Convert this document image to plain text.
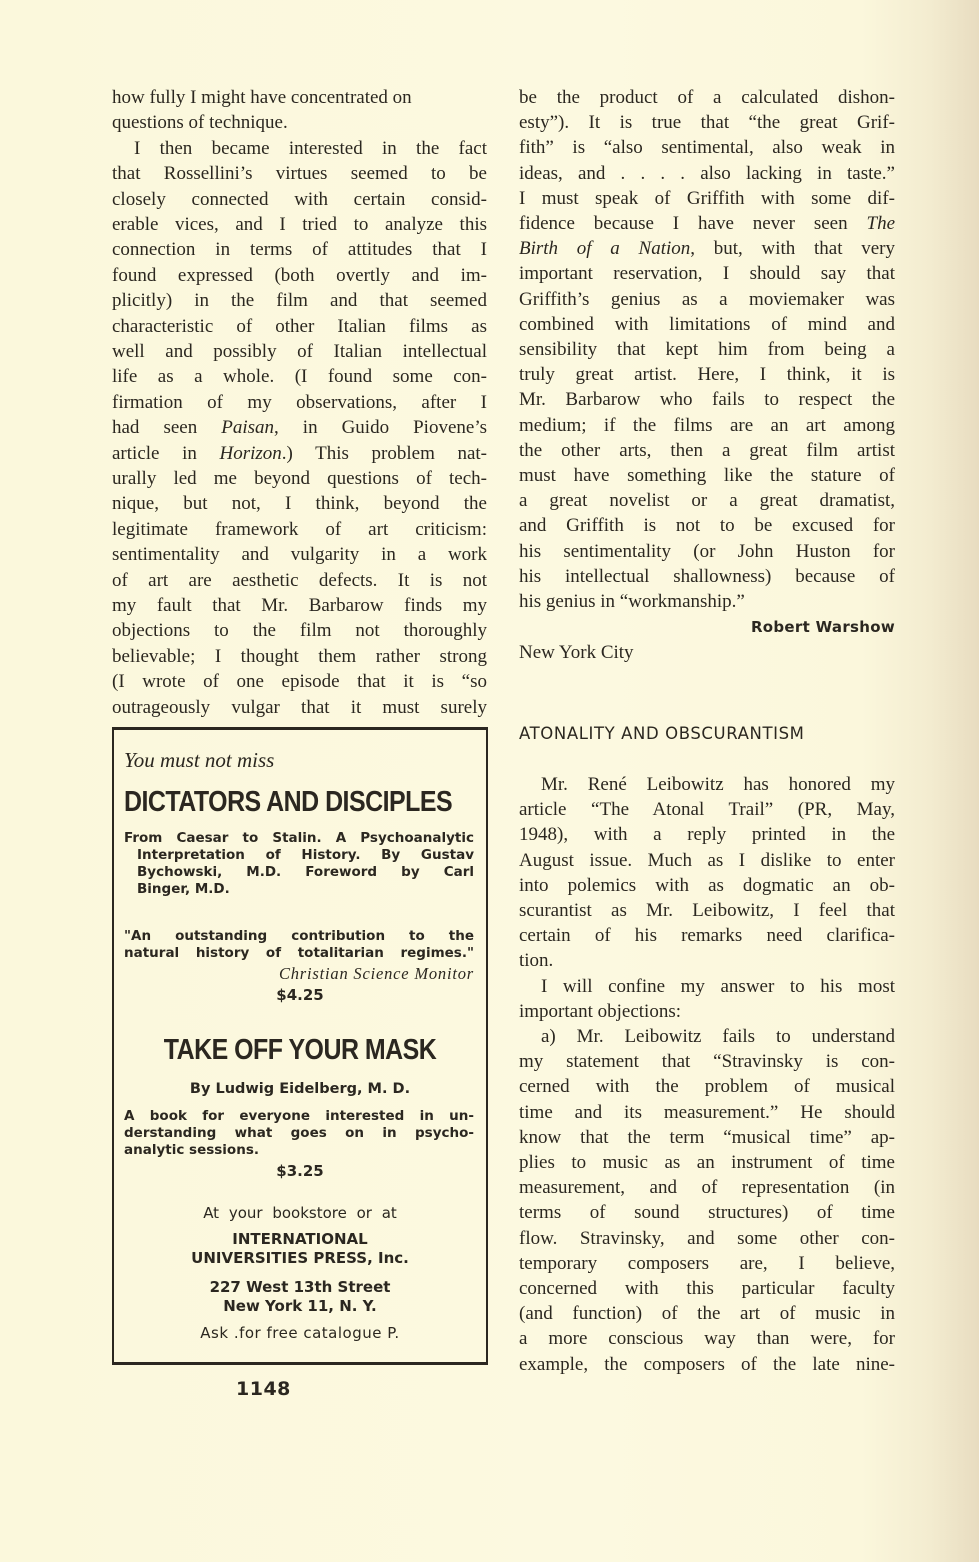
how fully I might have concentrated on
questions of technique.
I then became interested in the fact
that Rossellini’s virtues seemed to be
closely connected with certain consid-
erable vices, and I tried to analyze this
connection in terms of attitudes that I
found expressed (both overtly and im-
plicitly) in the film and that seemed
characteristic of other Italian films as
well and possibly of Italian intellectual
life as a whole. (I found some con-
firmation of my observations, after I
had seen Paisan, in Guido Piovene’s
article in Horizon.) This problem nat-
urally led me beyond questions of tech-
nique, but not, I think, beyond the
legitimate framework of art criticism:
sentimentality and vulgarity in a work
of art are aesthetic defects. It is not
my fault that Mr. Barbarow finds my
objections to the film not thoroughly
believable; I thought them rather strong
(I wrote of one episode that it is “so
outrageously vulgar that it must surely
You must not miss
DICTATORS AND DISCIPLES
From Caesar to Stalin. A Psychoanalytic
Interpretation of History. By Gustav
Bychowski, M.D. Foreword by Carl
Binger, M.D.
"An outstanding contribution to the
natural history of totalitarian regimes."
Christian Science Monitor
$4.25
TAKE OFF YOUR MASK
By Ludwig Eidelberg, M. D.
A book for everyone interested in un-
derstanding what goes on in psycho-
analytic sessions.
$3.25
At your bookstore or at
INTERNATIONAL
UNIVERSITIES PRESS, Inc.
227 West 13th Street
New York 11, N. Y.
Ask .for free catalogue P.
1148
be the product of a calculated dishon-
esty”). It is true that “the great Grif-
fith” is “also sentimental, also weak in
ideas, and . . . . also lacking in taste.”
I must speak of Griffith with some dif-
fidence because I have never seen The
Birth of a Nation, but, with that very
important reservation, I should say that
Griffith’s genius as a moviemaker was
combined with limitations of mind and
sensibility that kept him from being a
truly great artist. Here, I think, it is
Mr. Barbarow who fails to respect the
medium; if the films are an art among
the other arts, then a great film artist
must have something like the stature of
a great novelist or a great dramatist,
and Griffith is not to be excused for
his sentimentality (or John Huston for
his intellectual shallowness) because of
his genius in “workmanship.”
Robert Warshow
New York City
ATONALITY AND OBSCURANTISM
Mr. René Leibowitz has honored my
article “The Atonal Trail” (PR, May,
1948), with a reply printed in the
August issue. Much as I dislike to enter
into polemics with as dogmatic an ob-
scurantist as Mr. Leibowitz, I feel that
certain of his remarks need clarifica-
tion.
I will confine my answer to his most
important objections:
a) Mr. Leibowitz fails to understand
my statement that “Stravinsky is con-
cerned with the problem of musical
time and its measurement.” He should
know that the term “musical time” ap-
plies to music as an instrument of time
measurement, and of representation (in
terms of sound structures) of time
flow. Stravinsky, and some other con-
temporary composers are, I believe,
concerned with this particular faculty
(and function) of the art of music in
a more conscious way than were, for
example, the composers of the late nine-
